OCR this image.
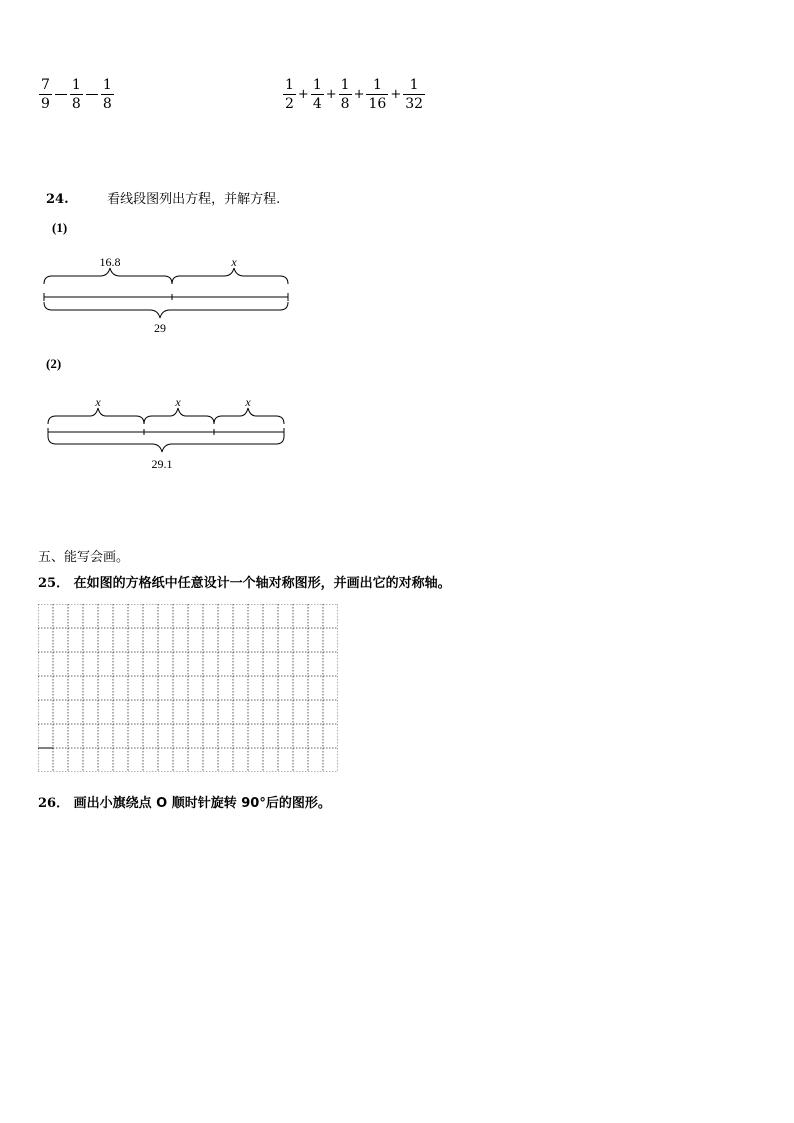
$\frac{7}{9} \frac{1}{8} \frac{1}{8}$	$\frac{1}{2} + \frac{1}{4} + \frac{1}{8} + \frac{1}{16} + \frac{1}{32}$
24.	看线段图列出方程，并解方程.
(1)
16.8	x
29
(2)
x	x	x
29.1
五、能写会画。
25． 在如图的方格纸中任意设计一个轴对称图形，并画出它的对称轴。
26． 画出小旗绕点 O 顺时针旋转 90°后的图形。
